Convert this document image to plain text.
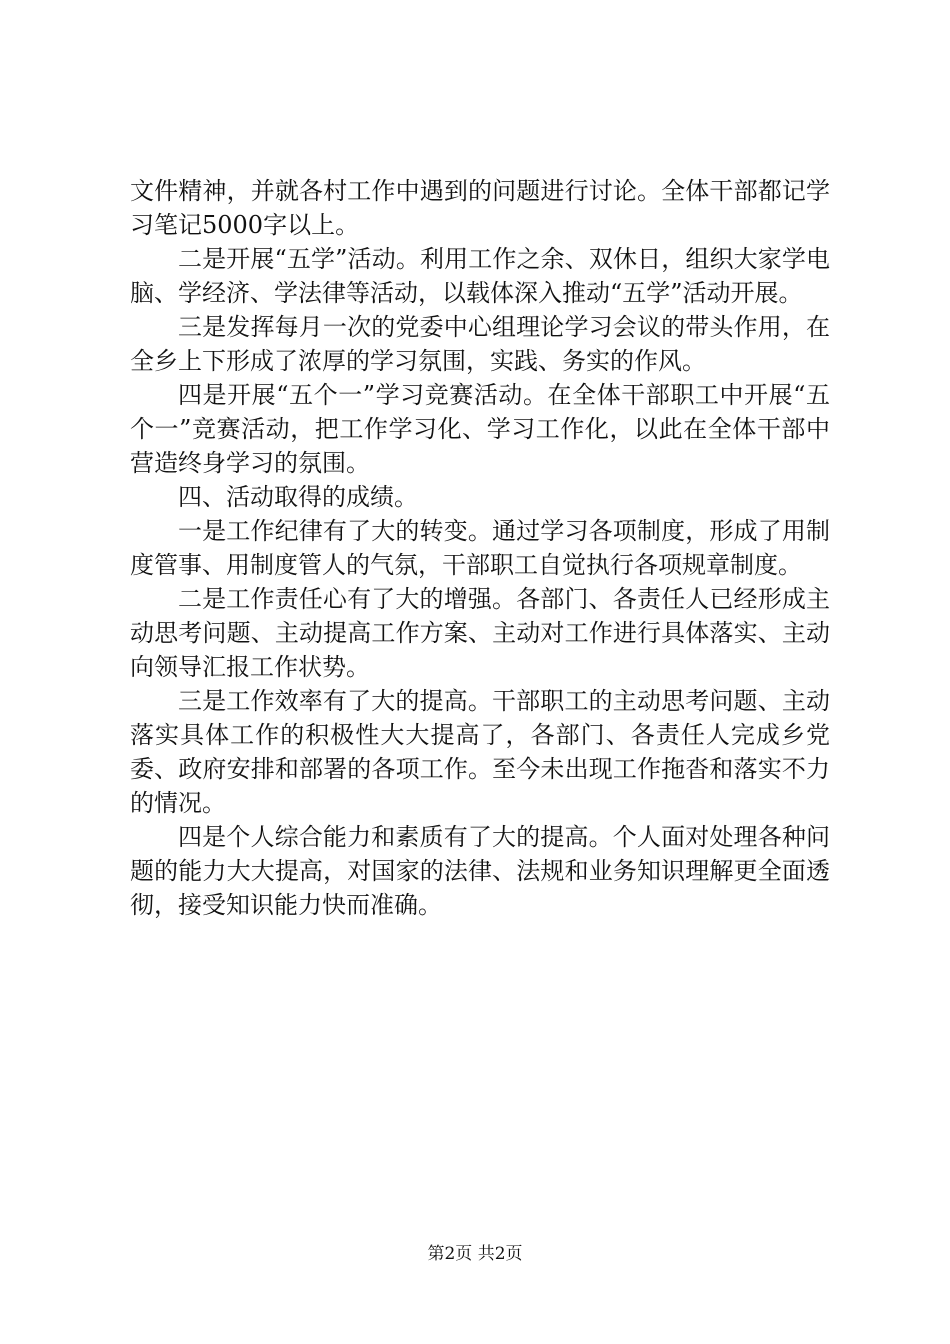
文件精神，并就各村工作中遇到的问题进行讨论。全体干部都记学习笔记5000字以上。

二是开展“五学”活动。利用工作之余、双休日，组织大家学电脑、学经济、学法律等活动，以载体深入推动“五学”活动开展。

三是发挥每月一次的党委中心组理论学习会议的带头作用，在全乡上下形成了浓厚的学习氛围，实践、务实的作风。

四是开展“五个一”学习竞赛活动。在全体干部职工中开展“五个一”竞赛活动，把工作学习化、学习工作化，以此在全体干部中营造终身学习的氛围。

四、活动取得的成绩。

一是工作纪律有了大的转变。通过学习各项制度，形成了用制度管事、用制度管人的气氛，干部职工自觉执行各项规章制度。

二是工作责任心有了大的增强。各部门、各责任人已经形成主动思考问题、主动提高工作方案、主动对工作进行具体落实、主动向领导汇报工作状势。

三是工作效率有了大的提高。干部职工的主动思考问题、主动落实具体工作的积极性大大提高了，各部门、各责任人完成乡党委、政府安排和部署的各项工作。至今未出现工作拖沓和落实不力的情况。

四是个人综合能力和素质有了大的提高。个人面对处理各种问题的能力大大提高，对国家的法律、法规和业务知识理解更全面透彻，接受知识能力快而准确。

第2页 共2页
